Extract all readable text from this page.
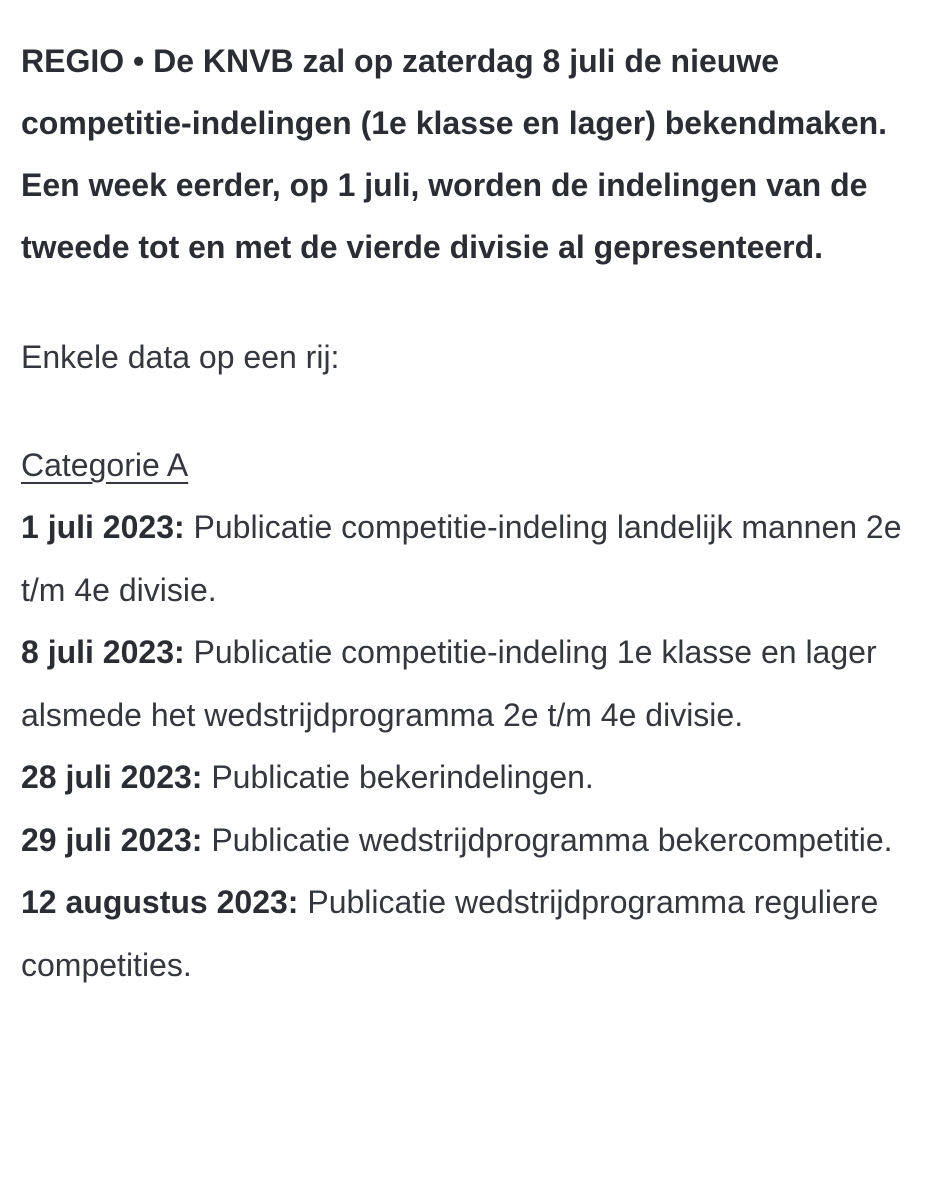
REGIO • De KNVB zal op zaterdag 8 juli de nieuwe competitie-indelingen (1e klasse en lager) bekendmaken. Een week eerder, op 1 juli, worden de indelingen van de tweede tot en met de vierde divisie al gepresenteerd.

Enkele data op een rij:

Categorie A
1 juli 2023: Publicatie competitie-indeling landelijk mannen 2e t/m 4e divisie.
8 juli 2023: Publicatie competitie-indeling 1e klasse en lager alsmede het wedstrijdprogramma 2e t/m 4e divisie.
28 juli 2023: Publicatie bekerindelingen.
29 juli 2023: Publicatie wedstrijdprogramma bekercompetitie.
12 augustus 2023: Publicatie wedstrijdprogramma reguliere competities.
